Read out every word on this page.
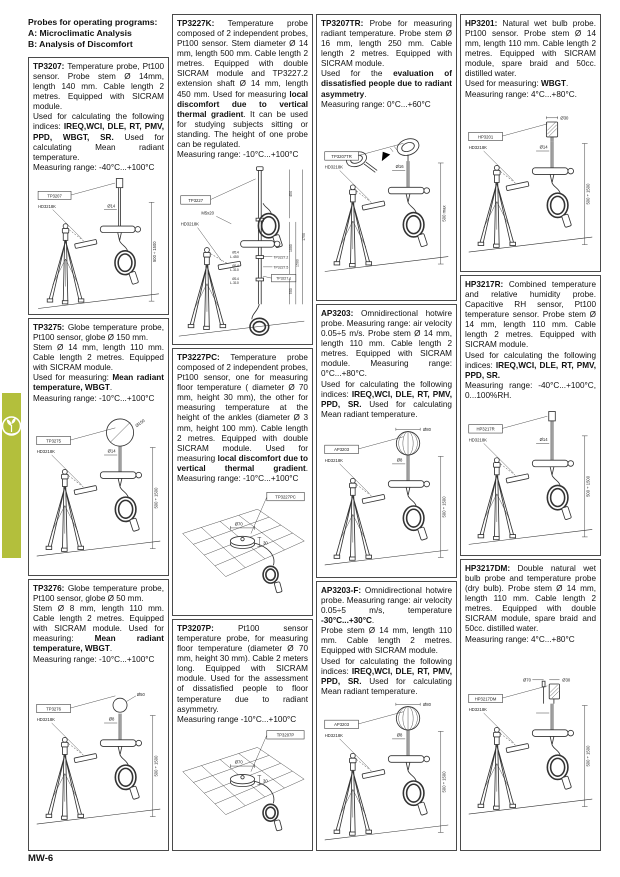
Probes for operating programs:
A: Microclimatic Analysis
B: Analysis of Discomfort
TP3207: Temperature probe, Pt100 sensor. Probe stem Ø 14mm, length 140 mm. Cable length 2 metres. Equipped with SICRAM module.
Used for calculating the following indices: IREQ,WCI, DLE, RT, PMV, PPD, WBGT, SR. Used for calculating Mean radiant temperature.
Measuring range: -40°C...+100°C
TP3207
HD3218K	Ø14
500 ÷ 1500
TP3275: Globe temperature probe, Pt100 sensor, globe Ø 150 mm.
Stem Ø 14 mm, length 110 mm. Cable length 2 metres. Equipped with SICRAM module.
Used for measuring: Mean radiant temperature, WBGT.
Measuring range: -10°C...+100°C
Ø150
TP3275
HD3218K	Ø14
500 ÷ 1500
TP3276: Globe temperature probe, Pt100 sensor, globe Ø 50 mm.
Stem Ø 8 mm, length 110 mm. Cable length 2 metres. Equipped with SICRAM module. Used for measuring: Mean radiant temperature, WBGT.
Measuring range: -10°C...+100°C
Ø50
TP3276
HD3218K	Ø8
500 ÷ 1500
TP3227K: Temperature probe composed of 2 independent probes, Pt100 sensor. Stem diameter Ø 14 mm, length 500 mm. Cable length 2 metres. Equipped with double SICRAM module and TP3227.2 extension shaft Ø 14 mm, length 450 mm. Used for measuring local discomfort due to vertical thermal gradient. It can be used for studying subjects sitting or standing. The height of one probe can be regulated.
Measuring range: -10°C...+100°C
TP3227
M5x20
HD3218K
Ø14
L.450
Ø14
L.310
Ø14
L.310
TP3227.2
TP3227.5
TP3227.1
450
1000
500
1500
1750
TP3227PC: Temperature probe composed of 2 independent probes, Pt100 sensor, one for measuring floor temperature ( diameter Ø 70 mm, height 30 mm), the other for measuring temperature at the height of the ankles (diameter Ø 3 mm, height 100 mm). Cable length 2 metres. Equipped with double SICRAM module. Used for measuring local discomfort due to vertical thermal gradient. Measuring range: -10°C...+100°C
Ø70
30
TP3227PC
TP3207P: Pt100 sensor temperature probe, for measuring floor temperature (diameter Ø 70 mm, height 30 mm). Cable 2 meters long. Equipped with SICRAM module. Used for the assessment of dissatisfied people to floor temperature due to radiant asymmetry.
Measuring range -10°C...+100°C
Ø70
30
TP3207P
TP3207TR: Probe for measuring radiant temperature. Probe stem Ø 16 mm, length 250 mm. Cable length 2 metres. Equipped with SICRAM module.
Used for the evaluation of dissatisfied people due to radiant asymmetry.
Measuring range: 0°C...+60°C
TP3207TR
HD3218K	Ø16
500 max
AP3203: Omnidirectional hotwire probe. Measuring range: air velocity 0.05÷5 m/s. Probe stem Ø 14 mm, length 110 mm. Cable length 2 metres. Equipped with SICRAM module. Measuring range: 0°C...+80°C.
Used for calculating the following indices: IREQ,WCI, DLE, RT, PMV, PPD, SR. Used for calculating Mean radiant temperature.
Ø80
AP3203
HD3218K	Ø8
500 ÷ 1500
AP3203-F: Omnidirectional hotwire probe. Measuring range: air velocity 0.05÷5 m/s, temperature -30°C...+30°C.
Probe stem Ø 14 mm, length 110 mm. Cable length 2 metres. Equipped with SICRAM module.
Used for calculating the following indices: IREQ,WCI, DLE, RT, PMV, PPD, SR. Used for calculating Mean radiant temperature.
Ø80
AP3203
HD3218K	Ø8
500 ÷ 1500
HP3201: Natural wet bulb probe. Pt100 sensor. Probe stem Ø 14 mm, length 110 mm. Cable length 2 metres. Equipped with SICRAM module, spare braid and 50cc. distilled water.
Used for measuring: WBGT.
Measuring range: 4°C...+80°C.
Ø30
HP3201
HD3218K	Ø14
500 ÷ 1500
HP3217R: Combined temperature and relative humidity probe. Capacitive RH sensor, Pt100 temperature sensor. Probe stem Ø 14 mm, length 110 mm. Cable length 2 metres. Equipped with SICRAM module.
Used for calculating the following indices: IREQ,WCI, DLE, RT, PMV, PPD, SR.
Measuring range: -40°C...+100°C, 0...100%RH.
HP3217R
HD3218K	Ø14
500 ÷ 1500
HP3217DM: Double natural wet bulb probe and temperature probe (dry bulb). Probe stem Ø 14 mm, length 110 mm. Cable length 2 metres. Equipped with double SICRAM module, spare braid and 50cc. distilled water.
Measuring range: 4°C...+80°C
Ø70	Ø30
HP3217DM
HD3218K
500 ÷ 1500
MW-6
